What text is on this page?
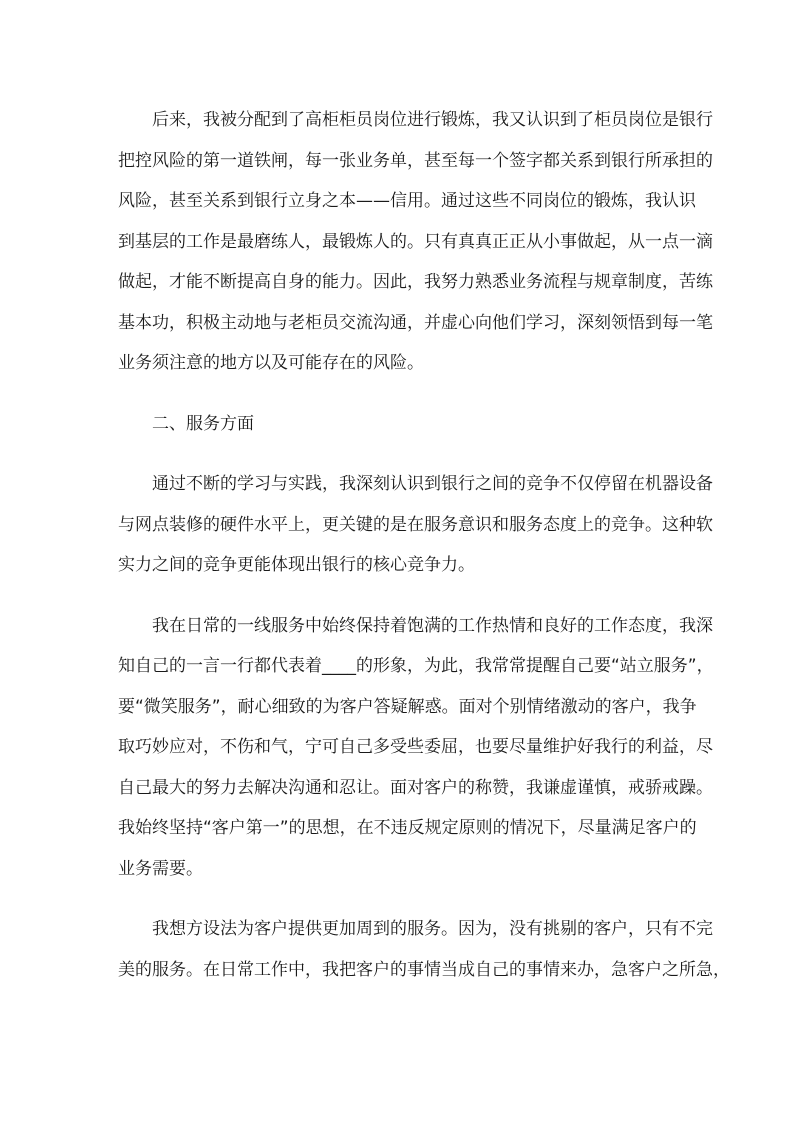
后来，我被分配到了高柜柜员岗位进行锻炼，我又认识到了柜员岗位是银行
把控风险的第一道铁闸，每一张业务单，甚至每一个签字都关系到银行所承担的
风险，甚至关系到银行立身之本——信用。通过这些不同岗位的锻炼，我认识
到基层的工作是最磨练人，最锻炼人的。只有真真正正从小事做起，从一点一滴
做起，才能不断提高自身的能力。因此，我努力熟悉业务流程与规章制度，苦练
基本功，积极主动地与老柜员交流沟通，并虚心向他们学习，深刻领悟到每一笔
业务须注意的地方以及可能存在的风险。
二、服务方面
通过不断的学习与实践，我深刻认识到银行之间的竞争不仅停留在机器设备
与网点装修的硬件水平上，更关键的是在服务意识和服务态度上的竞争。这种软
实力之间的竞争更能体现出银行的核心竞争力。
我在日常的一线服务中始终保持着饱满的工作热情和良好的工作态度，我深
知自己的一言一行都代表着____的形象，为此，我常常提醒自己要“站立服务”，
要“微笑服务”，耐心细致的为客户答疑解惑。面对个别情绪激动的客户，我争
取巧妙应对，不伤和气，宁可自己多受些委屈，也要尽量维护好我行的利益，尽
自己最大的努力去解决沟通和忍让。面对客户的称赞，我谦虚谨慎，戒骄戒躁。
我始终坚持“客户第一”的思想，在不违反规定原则的情况下，尽量满足客户的
业务需要。
我想方设法为客户提供更加周到的服务。因为，没有挑剔的客户，只有不完
美的服务。在日常工作中，我把客户的事情当成自己的事情来办，急客户之所急，
